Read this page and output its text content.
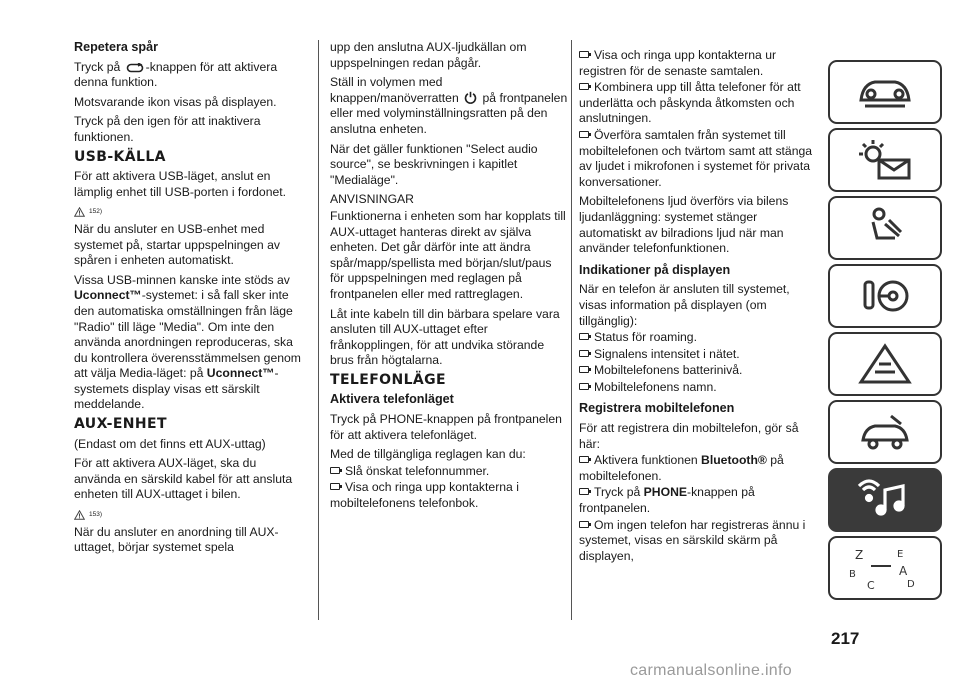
Repetera spår

Tryck på -knappen för att aktivera denna funktion.

Motsvarande ikon visas på displayen.

Tryck på den igen för att inaktivera funktionen.

USB-KÄLLA

För att aktivera USB-läget, anslut en lämplig enhet till USB-porten i fordonet.

152)

När du ansluter en USB-enhet med systemet på, startar uppspelningen av spåren i enheten automatiskt.

Vissa USB-minnen kanske inte stöds av Uconnect™-systemet: i så fall sker inte den automatiska omställningen från läge "Radio" till läge "Media". Om inte den använda anordningen reproduceras, ska du kontrollera överensstämmelsen genom att välja Media-läget: på Uconnect™-systemets display visas ett särskilt meddelande.

AUX-ENHET

(Endast om det finns ett AUX-uttag)

För att aktivera AUX-läget, ska du använda en särskild kabel för att ansluta enheten till AUX-uttaget i bilen.

153)

När du ansluter en anordning till AUX-uttaget, börjar systemet spela

upp den anslutna AUX-ljudkällan om uppspelningen redan pågår.

Ställ in volymen med knappen/manöverratten på frontpanelen eller med volyminställningsratten på den anslutna enheten.

När det gäller funktionen "Select audio source", se beskrivningen i kapitlet "Medialäge".

ANVISNINGAR

Funktionerna i enheten som har kopplats till AUX-uttaget hanteras direkt av själva enheten. Det går därför inte att ändra spår/mapp/spellista med början/slut/paus för uppspelningen med reglagen på frontpanelen eller med rattreglagen.

Låt inte kabeln till din bärbara spelare vara ansluten till AUX-uttaget efter frånkopplingen, för att undvika störande brus från högtalarna.

TELEFONLÄGE

Aktivera telefonläget

Tryck på PHONE-knappen på frontpanelen för att aktivera telefonläget.

Med de tillgängliga reglagen kan du:

Slå önskat telefonnummer.

Visa och ringa upp kontakterna i mobiltelefonens telefonbok.

Visa och ringa upp kontakterna ur registren för de senaste samtalen.

Kombinera upp till åtta telefoner för att underlätta och påskynda åtkomsten och anslutningen.

Överföra samtalen från systemet till mobiltelefonen och tvärtom samt att stänga av ljudet i mikrofonen i systemet för privata konversationer.

Mobiltelefonens ljud överförs via bilens ljudanläggning: systemet stänger automatiskt av bilradions ljud när man använder telefonfunktionen.

Indikationer på displayen

När en telefon är ansluten till systemet, visas information på displayen (om tillgänglig):

Status för roaming.

Signalens intensitet i nätet.

Mobiltelefonens batterinivå.

Mobiltelefonens namn.

Registrera mobiltelefonen

För att registrera din mobiltelefon, gör så här:

Aktivera funktionen Bluetooth® på mobiltelefonen.

Tryck på PHONE-knappen på frontpanelen.

Om ingen telefon har registreras ännu i systemet, visas en särskild skärm på displayen,	Z	E
B	A
C	D
217
carmanualsonline.info
